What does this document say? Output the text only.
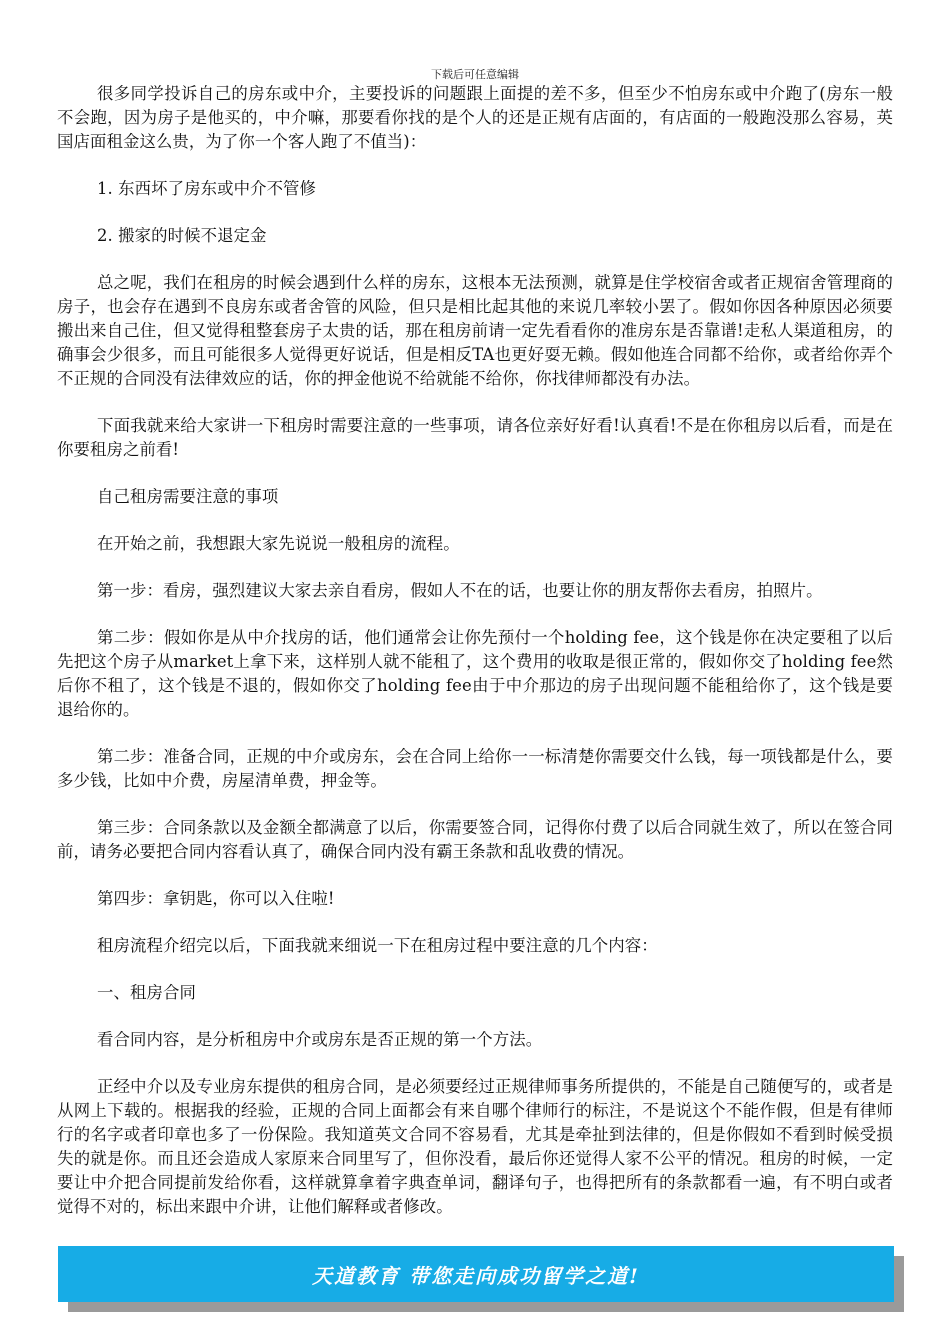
下载后可任意编辑

很多同学投诉自己的房东或中介，主要投诉的问题跟上面提的差不多，但至少不怕房东或中介跑了(房东一般不会跑，因为房子是他买的，中介嘛，那要看你找的是个人的还是正规有店面的，有店面的一般跑没那么容易，英国店面租金这么贵，为了你一个客人跑了不值当)：

1. 东西坏了房东或中介不管修

2. 搬家的时候不退定金

总之呢，我们在租房的时候会遇到什么样的房东，这根本无法预测，就算是住学校宿舍或者正规宿舍管理商的房子，也会存在遇到不良房东或者舍管的风险，但只是相比起其他的来说几率较小罢了。假如你因各种原因必须要搬出来自己住，但又觉得租整套房子太贵的话，那在租房前请一定先看看你的准房东是否靠谱!走私人渠道租房，的确事会少很多，而且可能很多人觉得更好说话，但是相反TA也更好耍无赖。假如他连合同都不给你，或者给你弄个不正规的合同没有法律效应的话，你的押金他说不给就能不给你，你找律师都没有办法。

下面我就来给大家讲一下租房时需要注意的一些事项，请各位亲好好看!认真看!不是在你租房以后看，而是在你要租房之前看!

自己租房需要注意的事项

在开始之前，我想跟大家先说说一般租房的流程。

第一步：看房，强烈建议大家去亲自看房，假如人不在的话，也要让你的朋友帮你去看房，拍照片。

第二步：假如你是从中介找房的话，他们通常会让你先预付一个holding fee，这个钱是你在决定要租了以后先把这个房子从market上拿下来，这样别人就不能租了，这个费用的收取是很正常的，假如你交了holding fee然后你不租了，这个钱是不退的，假如你交了holding fee由于中介那边的房子出现问题不能租给你了，这个钱是要退给你的。

第二步：准备合同，正规的中介或房东，会在合同上给你一一标清楚你需要交什么钱，每一项钱都是什么，要多少钱，比如中介费，房屋清单费，押金等。

第三步：合同条款以及金额全都满意了以后，你需要签合同，记得你付费了以后合同就生效了，所以在签合同前，请务必要把合同内容看认真了，确保合同内没有霸王条款和乱收费的情况。

第四步：拿钥匙，你可以入住啦!

租房流程介绍完以后，下面我就来细说一下在租房过程中要注意的几个内容：

一、租房合同

看合同内容，是分析租房中介或房东是否正规的第一个方法。

正经中介以及专业房东提供的租房合同，是必须要经过正规律师事务所提供的，不能是自己随便写的，或者是从网上下载的。根据我的经验，正规的合同上面都会有来自哪个律师行的标注，不是说这个不能作假，但是有律师行的名字或者印章也多了一份保险。我知道英文合同不容易看，尤其是牵扯到法律的，但是你假如不看到时候受损失的就是你。而且还会造成人家原来合同里写了，但你没看，最后你还觉得人家不公平的情况。租房的时候，一定要让中介把合同提前发给你看，这样就算拿着字典查单词，翻译句子，也得把所有的条款都看一遍，有不明白或者觉得不对的，标出来跟中介讲，让他们解释或者修改。

天道教育 带您走向成功留学之道!
